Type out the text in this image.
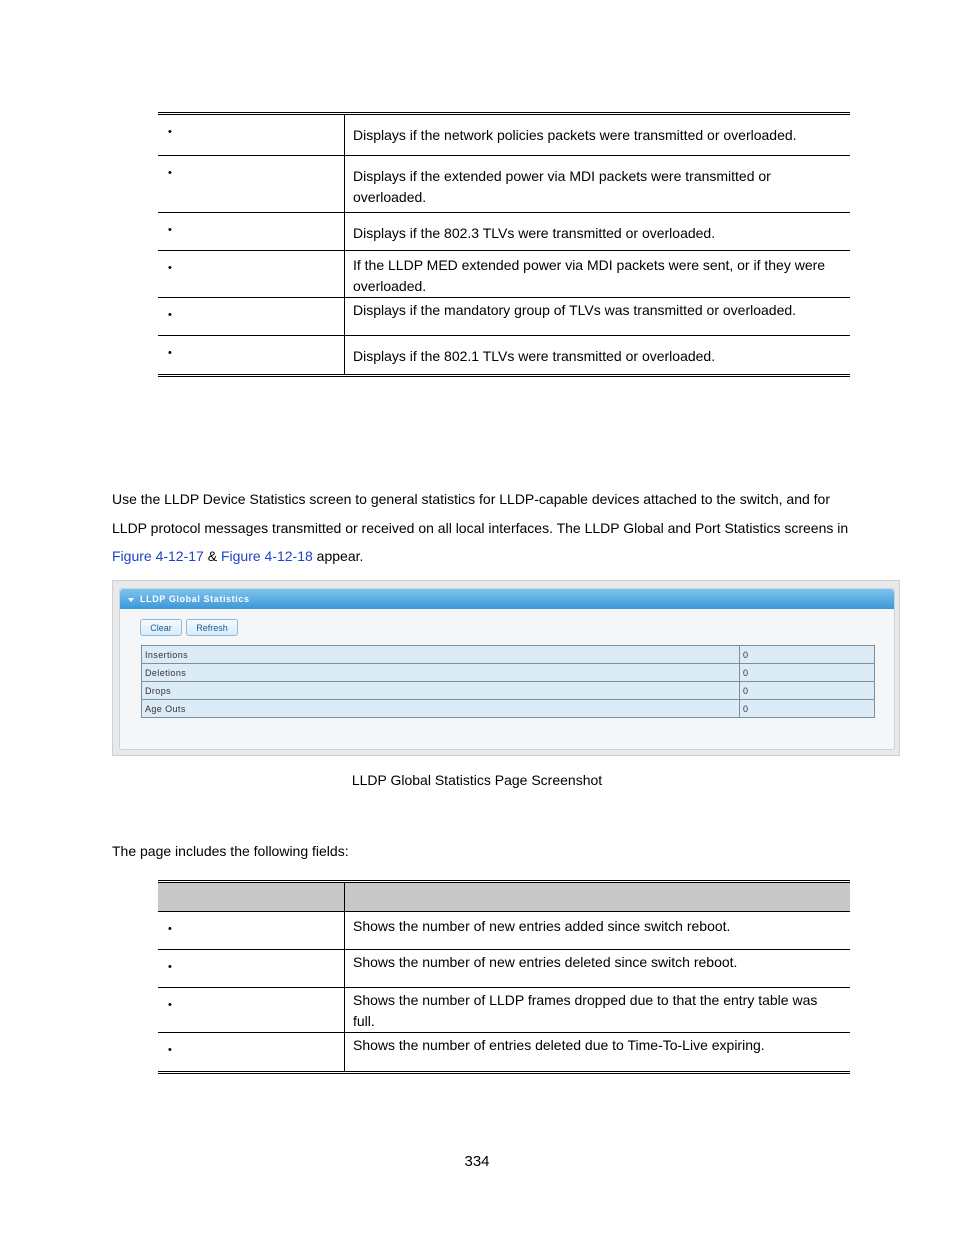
•	Displays if the network policies packets were transmitted or overloaded.

•	Displays if the extended power via MDI packets were transmitted or overloaded.

•	Displays if the 802.3 TLVs were transmitted or overloaded.

•	If the LLDP MED extended power via MDI packets were sent, or if they were overloaded.

•	Displays if the mandatory group of TLVs was transmitted or overloaded.

•	Displays if the 802.1 TLVs were transmitted or overloaded.

Use the LLDP Device Statistics screen to general statistics for LLDP-capable devices attached to the switch, and for LLDP protocol messages transmitted or received on all local interfaces. The LLDP Global and Port Statistics screens in Figure 4-12-17 & Figure 4-12-18 appear.

LLDP Global Statistics
Clear	Refresh
Insertions	0
Deletions	0
Drops	0
Age Outs	0
LLDP Global Statistics Page Screenshot

The page includes the following fields:

•	Shows the number of new entries added since switch reboot.

•	Shows the number of new entries deleted since switch reboot.

•	Shows the number of LLDP frames dropped due to that the entry table was full.

•	Shows the number of entries deleted due to Time-To-Live expiring.
334
